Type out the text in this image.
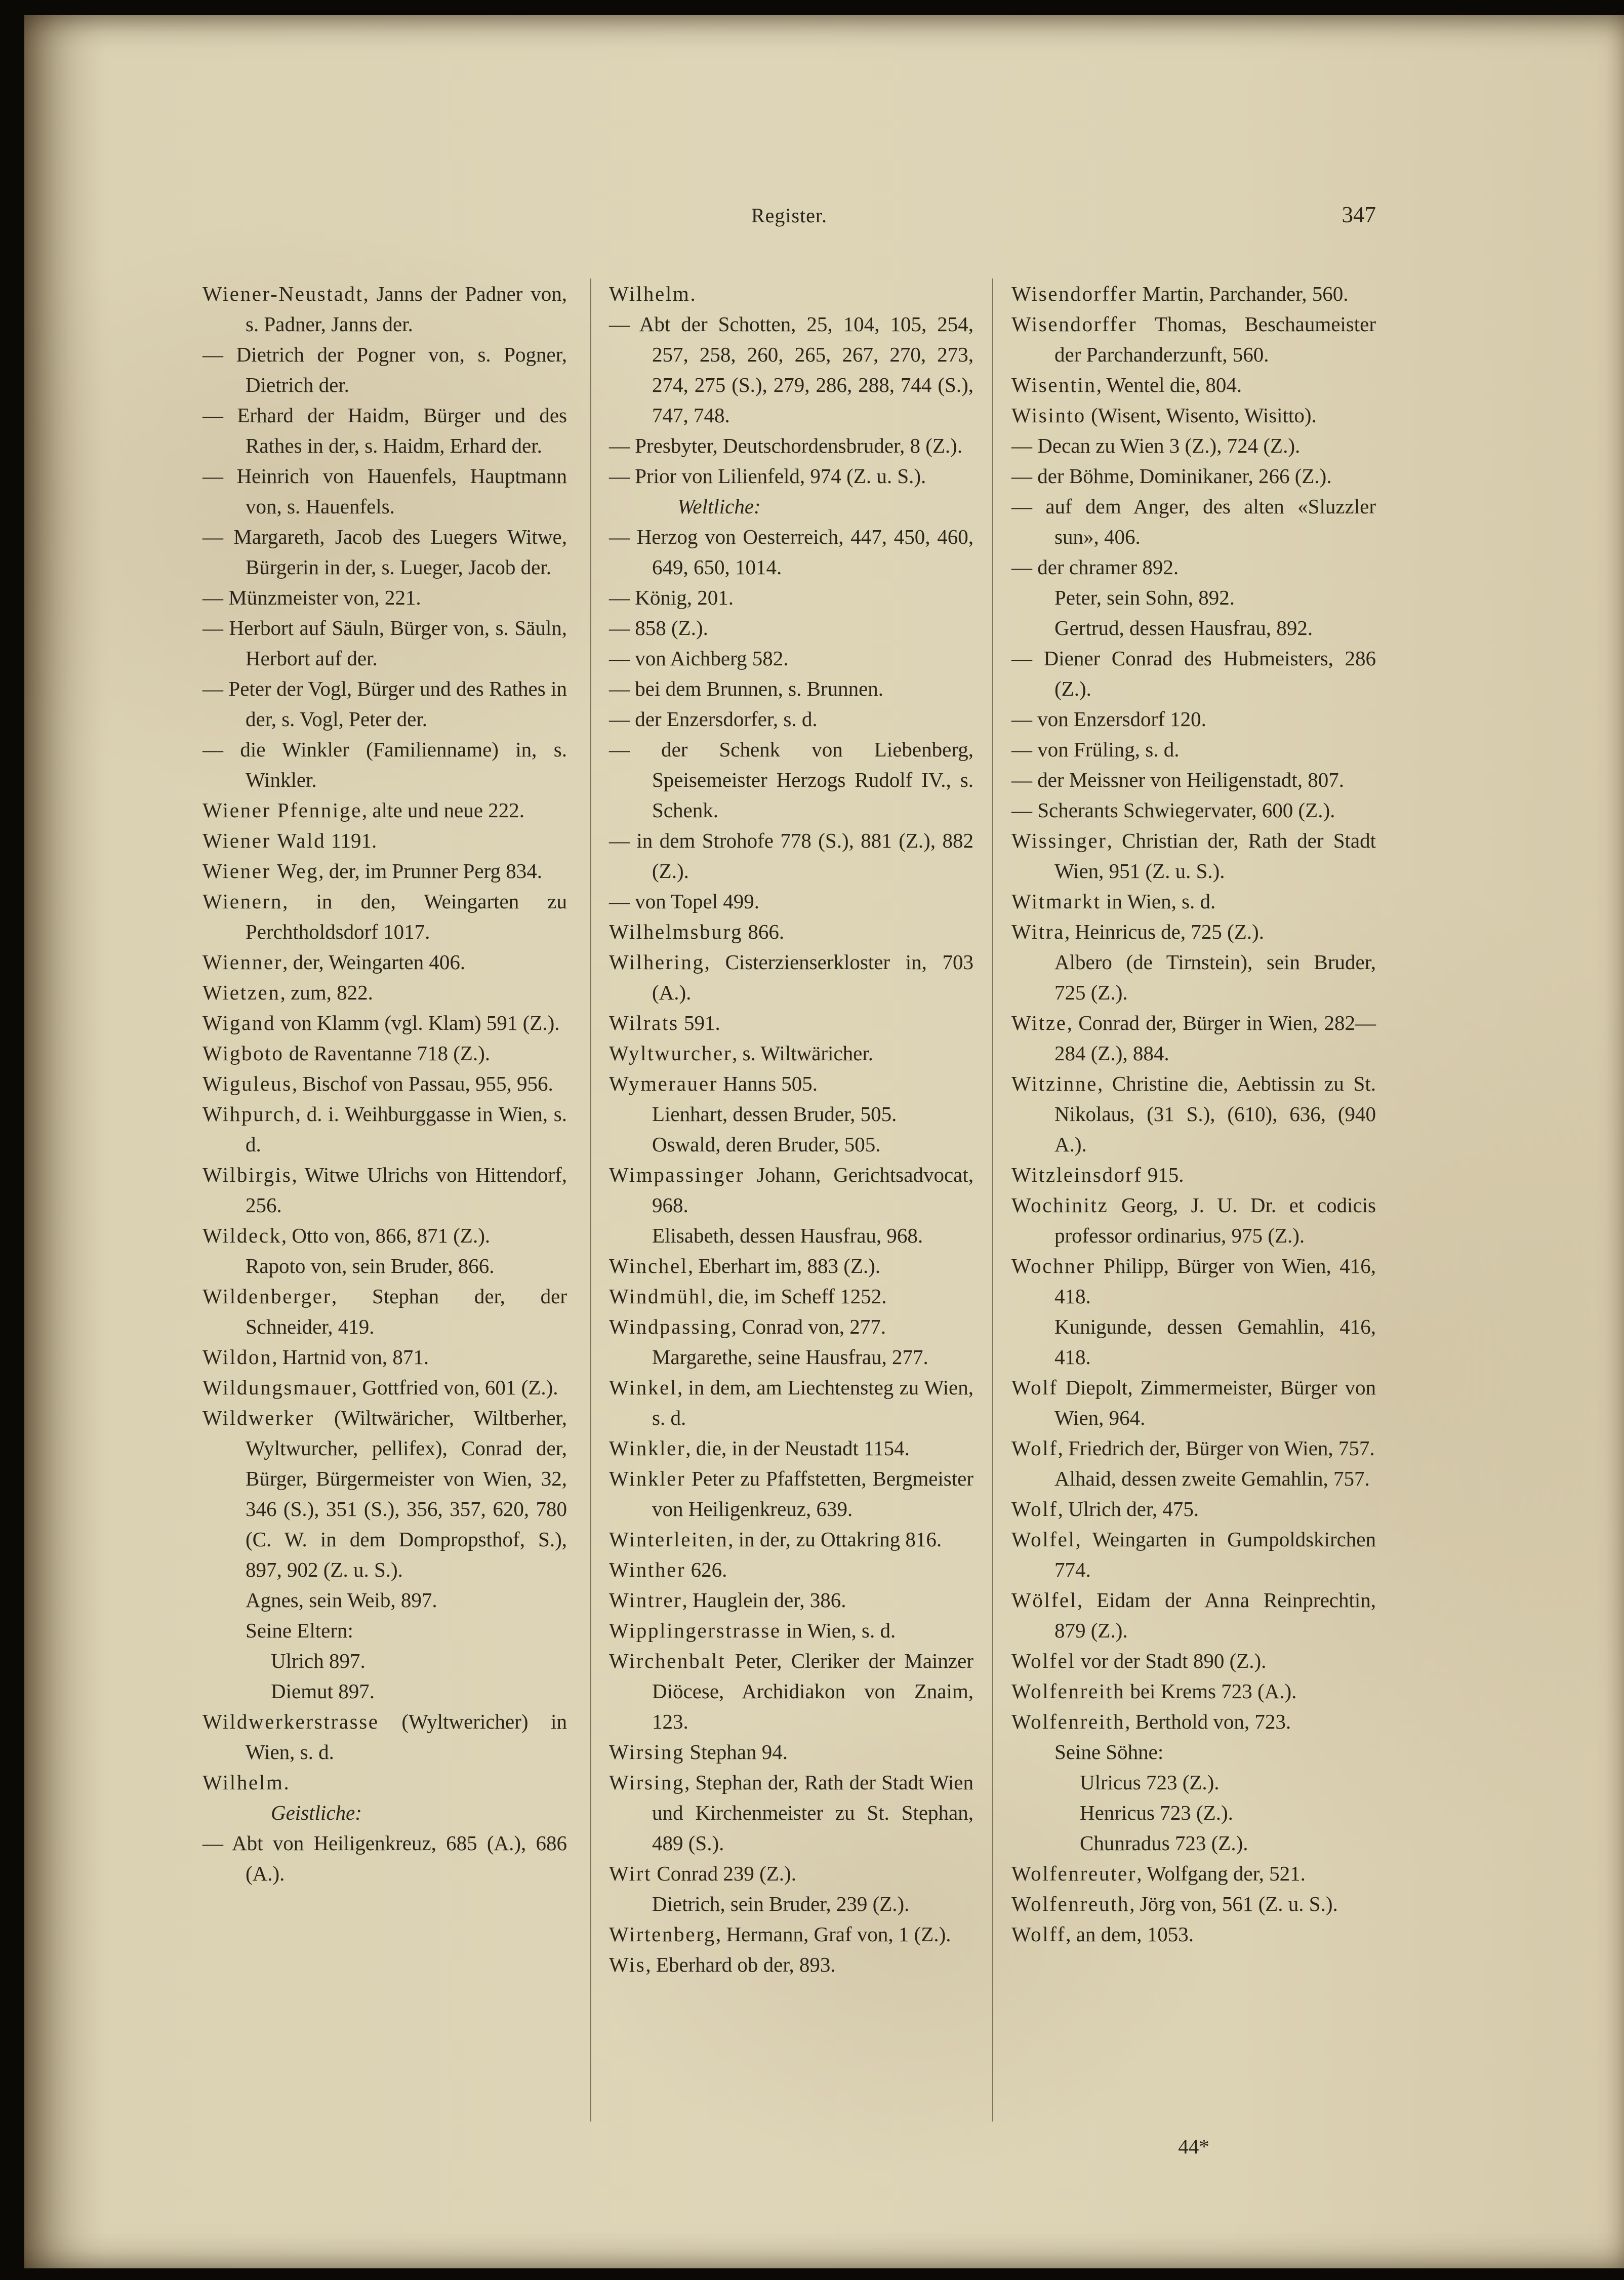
Register.	347

Wiener-Neustadt, Janns der Padner von, s. Padner, Janns der.

— Dietrich der Pogner von, s. Pogner, Dietrich der.

— Erhard der Haidm, Bürger und des Rathes in der, s. Haidm, Erhard der.

— Heinrich von Hauenfels, Hauptmann von, s. Hauenfels.

— Margareth, Jacob des Luegers Witwe, Bürgerin in der, s. Lueger, Jacob der.

— Münzmeister von, 221.

— Herbort auf Säuln, Bürger von, s. Säuln, Herbort auf der.

— Peter der Vogl, Bürger und des Rathes in der, s. Vogl, Peter der.

— die Winkler (Familienname) in, s. Winkler.

Wiener Pfennige, alte und neue 222.

Wiener Wald 1191.

Wiener Weg, der, im Prunner Perg 834.

Wienern, in den, Weingarten zu Perchtholdsdorf 1017.

Wienner, der, Weingarten 406.

Wietzen, zum, 822.

Wigand von Klamm (vgl. Klam) 591 (Z.).

Wigboto de Raventanne 718 (Z.).

Wiguleus, Bischof von Passau, 955, 956.

Wihpurch, d. i. Weihburggasse in Wien, s. d.

Wilbirgis, Witwe Ulrichs von Hittendorf, 256.

Wildeck, Otto von, 866, 871 (Z.).

Rapoto von, sein Bruder, 866.

Wildenberger, Stephan der, der Schneider, 419.

Wildon, Hartnid von, 871.

Wildungsmauer, Gottfried von, 601 (Z.).

Wildwerker (Wiltwäricher, Wiltberher, Wyltwurcher, pellifex), Conrad der, Bürger, Bürgermeister von Wien, 32, 346 (S.), 351 (S.), 356, 357, 620, 780 (C. W. in dem Dompropsthof, S.), 897, 902 (Z. u. S.).

Agnes, sein Weib, 897.

Seine Eltern:

Ulrich 897.

Diemut 897.

Wildwerkerstrasse (Wyltwericher) in Wien, s. d.

Wilhelm.

Geistliche:

— Abt von Heiligenkreuz, 685 (A.), 686 (A.).

Wilhelm.

— Abt der Schotten, 25, 104, 105, 254, 257, 258, 260, 265, 267, 270, 273, 274, 275 (S.), 279, 286, 288, 744 (S.), 747, 748.

— Presbyter, Deutschordensbruder, 8 (Z.).

— Prior von Lilienfeld, 974 (Z. u. S.).

Weltliche:

— Herzog von Oesterreich, 447, 450, 460, 649, 650, 1014.

— König, 201.

— 858 (Z.).

— von Aichberg 582.

— bei dem Brunnen, s. Brunnen.

— der Enzersdorfer, s. d.

— der Schenk von Liebenberg, Speisemeister Herzogs Rudolf IV., s. Schenk.

— in dem Strohofe 778 (S.), 881 (Z.), 882 (Z.).

— von Topel 499.

Wilhelmsburg 866.

Wilhering, Cisterzienserkloster in, 703 (A.).

Wilrats 591.

Wyltwurcher, s. Wiltwäricher.

Wymerauer Hanns 505.

Lienhart, dessen Bruder, 505.

Oswald, deren Bruder, 505.

Wimpassinger Johann, Gerichtsadvocat, 968.

Elisabeth, dessen Hausfrau, 968.

Winchel, Eberhart im, 883 (Z.).

Windmühl, die, im Scheff 1252.

Windpassing, Conrad von, 277.

Margarethe, seine Hausfrau, 277.

Winkel, in dem, am Liechtensteg zu Wien, s. d.

Winkler, die, in der Neustadt 1154.

Winkler Peter zu Pfaffstetten, Bergmeister von Heiligenkreuz, 639.

Winterleiten, in der, zu Ottakring 816.

Winther 626.

Wintrer, Hauglein der, 386.

Wipplingerstrasse in Wien, s. d.

Wirchenbalt Peter, Cleriker der Mainzer Diöcese, Archidiakon von Znaim, 123.

Wirsing Stephan 94.

Wirsing, Stephan der, Rath der Stadt Wien und Kirchenmeister zu St. Stephan, 489 (S.).

Wirt Conrad 239 (Z.).

Dietrich, sein Bruder, 239 (Z.).

Wirtenberg, Hermann, Graf von, 1 (Z.).

Wis, Eberhard ob der, 893.

Wisendorffer Martin, Parchander, 560.

Wisendorffer Thomas, Beschaumeister der Parchanderzunft, 560.

Wisentin, Wentel die, 804.

Wisinto (Wisent, Wisento, Wisitto).

— Decan zu Wien 3 (Z.), 724 (Z.).

— der Böhme, Dominikaner, 266 (Z.).

— auf dem Anger, des alten «Sluzzler sun», 406.

— der chramer 892.

Peter, sein Sohn, 892.

Gertrud, dessen Hausfrau, 892.

— Diener Conrad des Hubmeisters, 286 (Z.).

— von Enzersdorf 120.

— von Früling, s. d.

— der Meissner von Heiligenstadt, 807.

— Scherants Schwiegervater, 600 (Z.).

Wissinger, Christian der, Rath der Stadt Wien, 951 (Z. u. S.).

Witmarkt in Wien, s. d.

Witra, Heinricus de, 725 (Z.).

Albero (de Tirnstein), sein Bruder, 725 (Z.).

Witze, Conrad der, Bürger in Wien, 282—284 (Z.), 884.

Witzinne, Christine die, Aebtissin zu St. Nikolaus, (31 S.), (610), 636, (940 A.).

Witzleinsdorf 915.

Wochinitz Georg, J. U. Dr. et codicis professor ordinarius, 975 (Z.).

Wochner Philipp, Bürger von Wien, 416, 418.

Kunigunde, dessen Gemahlin, 416, 418.

Wolf Diepolt, Zimmermeister, Bürger von Wien, 964.

Wolf, Friedrich der, Bürger von Wien, 757.

Alhaid, dessen zweite Gemahlin, 757.

Wolf, Ulrich der, 475.

Wolfel, Weingarten in Gumpoldskirchen 774.

Wölfel, Eidam der Anna Reinprechtin, 879 (Z.).

Wolfel vor der Stadt 890 (Z.).

Wolfenreith bei Krems 723 (A.).

Wolfenreith, Berthold von, 723.

Seine Söhne:

Ulricus 723 (Z.).

Henricus 723 (Z.).

Chunradus 723 (Z.).

Wolfenreuter, Wolfgang der, 521.

Wolfenreuth, Jörg von, 561 (Z. u. S.).

Wolff, an dem, 1053.

44*
